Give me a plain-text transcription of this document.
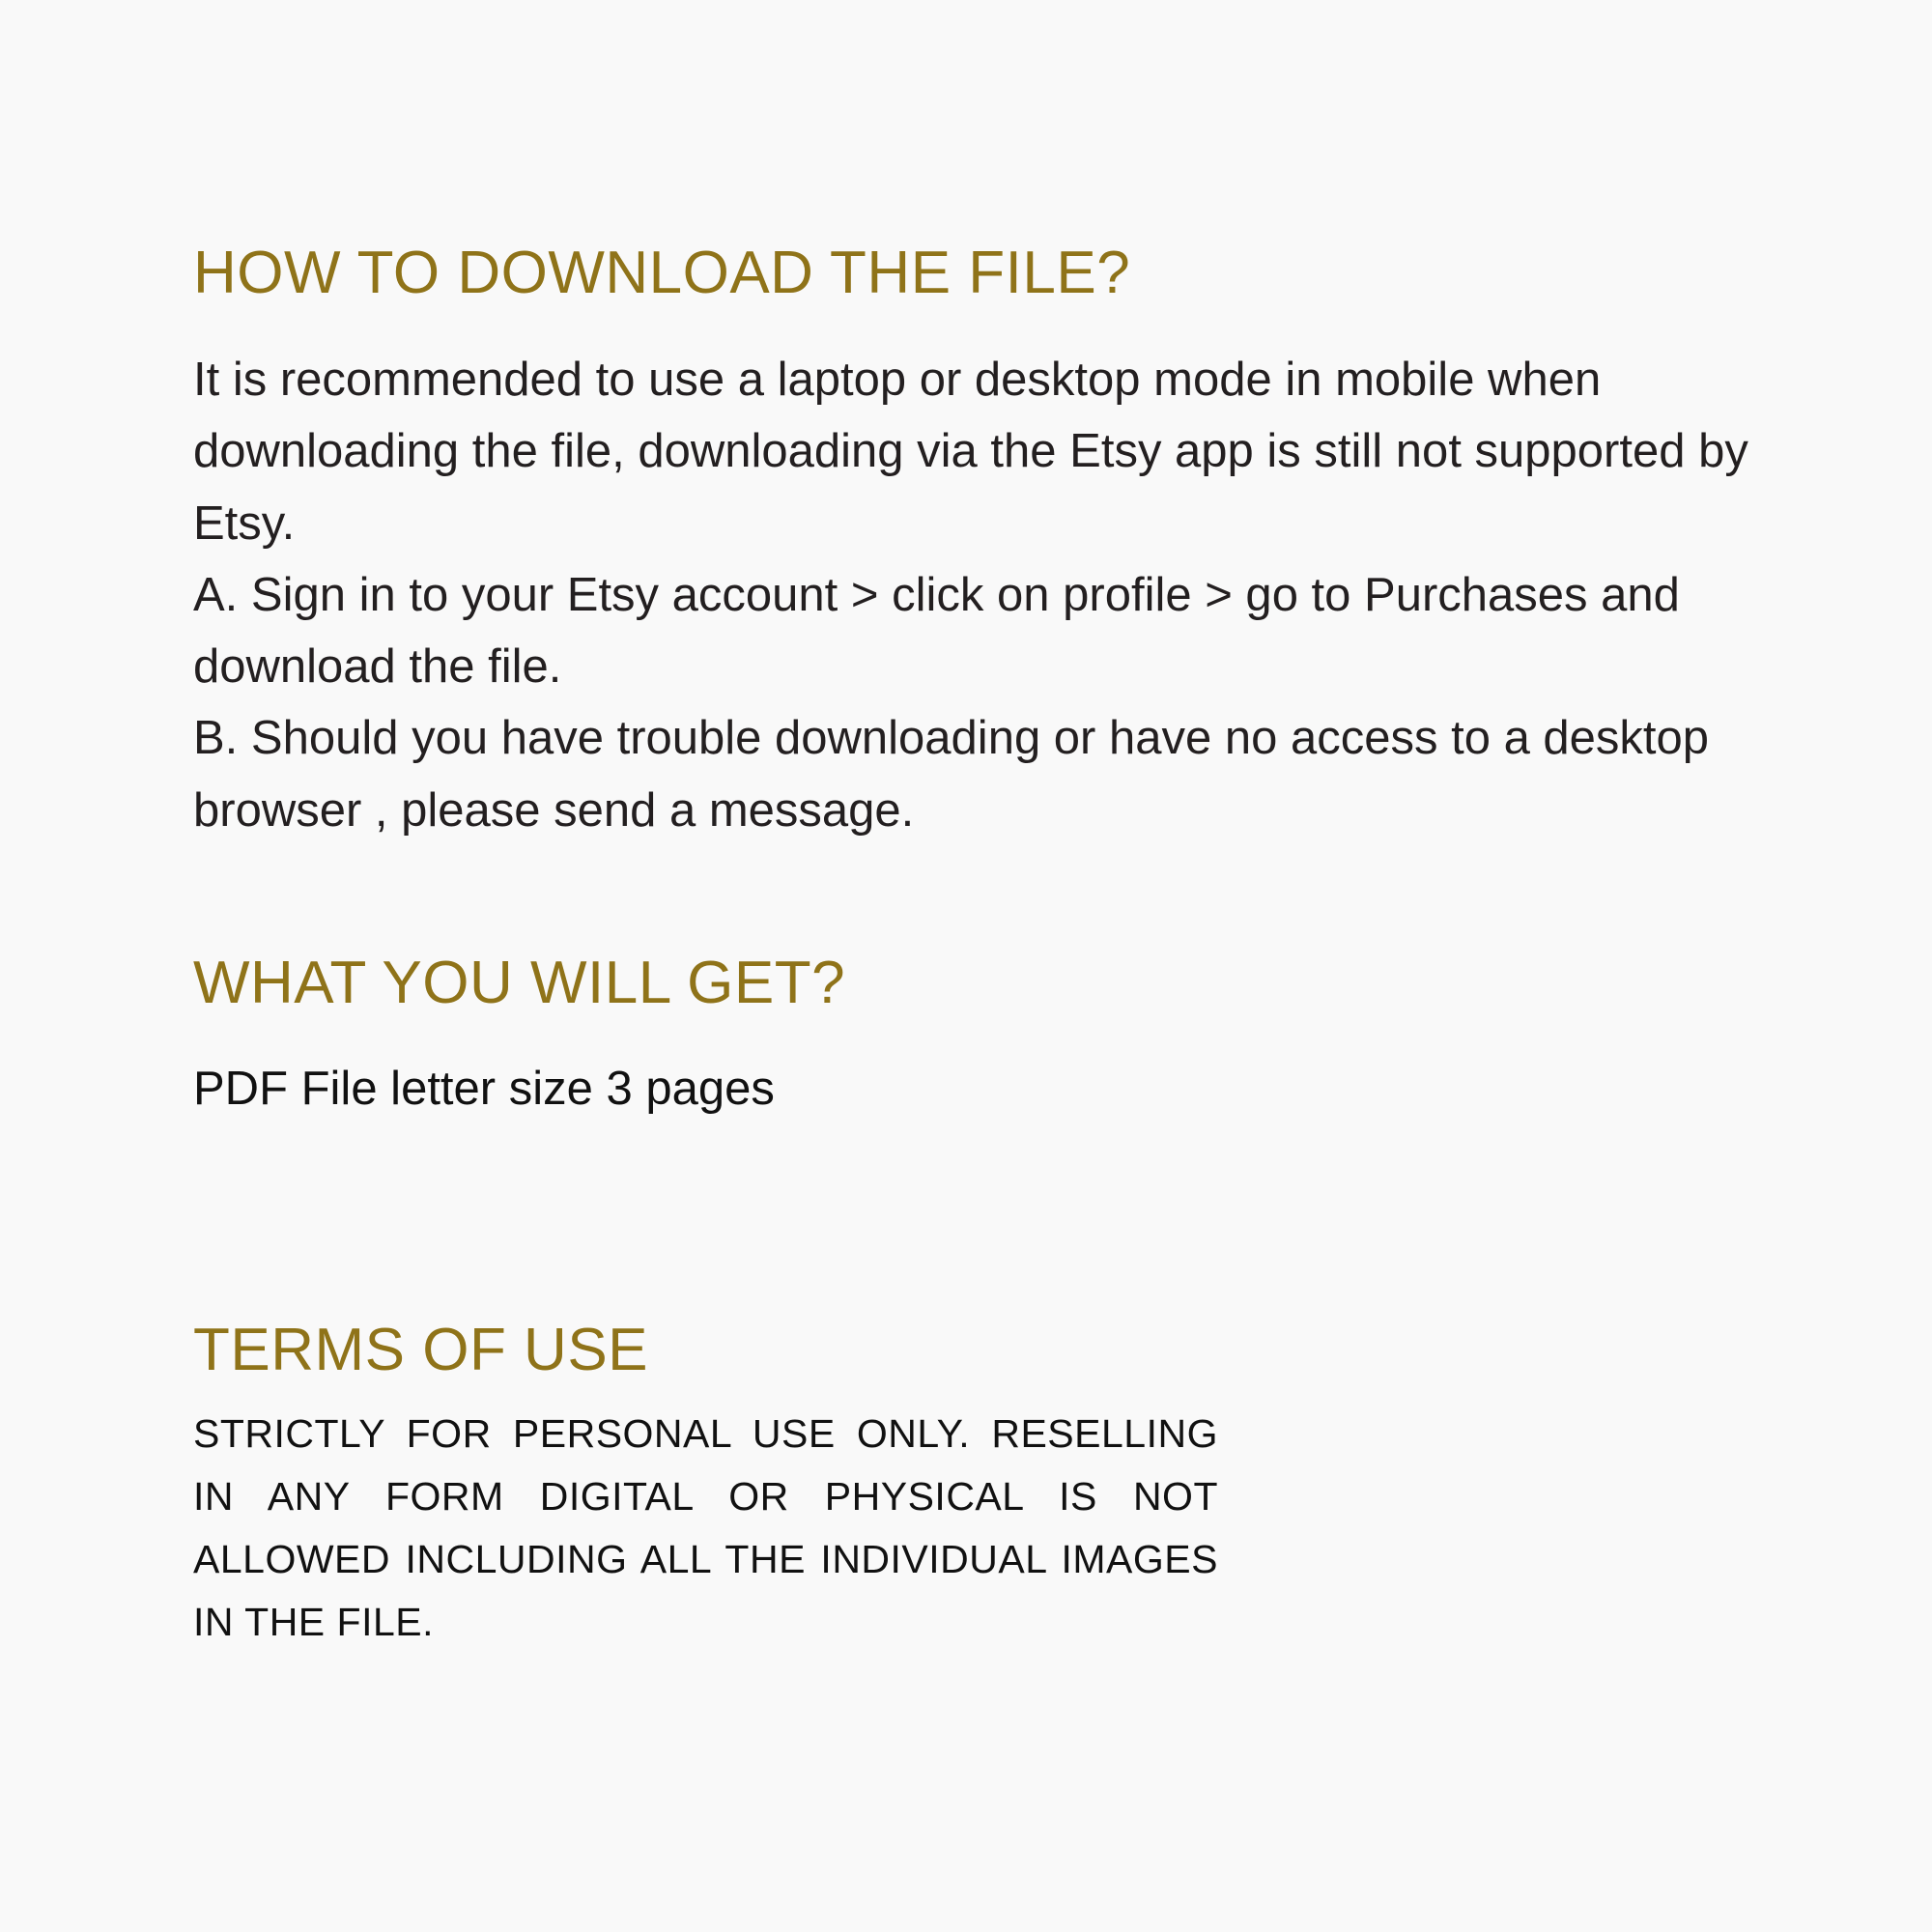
HOW TO DOWNLOAD THE FILE?

It is recommended to use a laptop or desktop mode in mobile when downloading the file, downloading via the Etsy app is still not supported by Etsy.

A. Sign in to your Etsy account > click on profile > go to Purchases and download the file.

B. Should you have trouble downloading or have no access to a desktop browser , please send a message.

WHAT YOU WILL GET?

PDF File letter size 3 pages

TERMS OF USE

STRICTLY FOR PERSONAL USE ONLY. RESELLING IN ANY FORM DIGITAL OR PHYSICAL IS NOT ALLOWED INCLUDING ALL THE INDIVIDUAL IMAGES IN THE FILE.
